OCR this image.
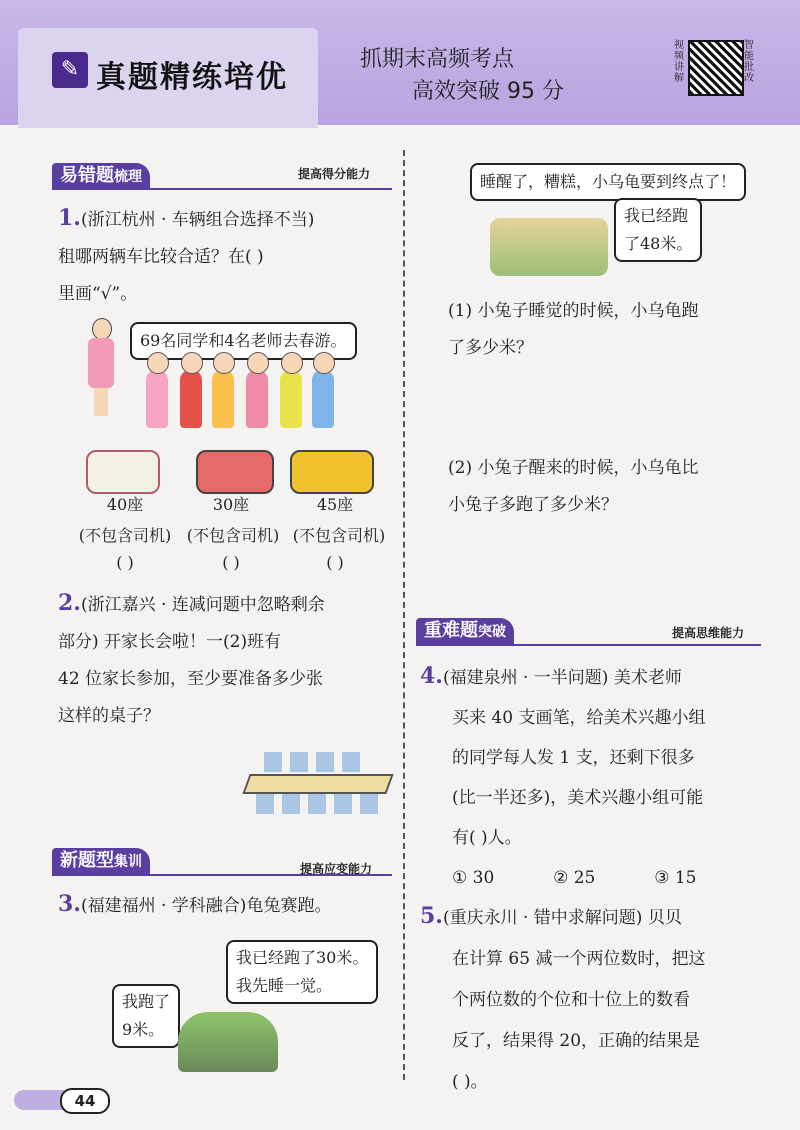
✎ 真题精练培优
抓期末高频考点
高效突破 95 分
视频讲解
智能批改
易错题梳理	提高得分能力
1.(浙江杭州 · 车辆组合选择不当)
租哪两辆车比较合适？在( )
里画“√”。
69名同学和4名老师去春游。
40座	30座	45座
(不包含司机) (不包含司机) (不包含司机)
( )	( )	( )
2.(浙江嘉兴 · 连减问题中忽略剩余
部分) 开家长会啦！一(2)班有
42 位家长参加，至少要准备多少张
这样的桌子？
新题型集训	提高应变能力
3.(福建福州 · 学科融合)龟兔赛跑。
我已经跑了30米。
我先睡一觉。
我跑了
9米。
睡醒了，糟糕，小乌龟要到终点了！
我已经跑
了48米。
(1) 小兔子睡觉的时候，小乌龟跑
了多少米？
(2) 小兔子醒来的时候，小乌龟比
小兔子多跑了多少米？
重难题突破	提高思维能力
4.(福建泉州 · 一半问题) 美术老师
买来 40 支画笔，给美术兴趣小组
的同学每人发 1 支，还剩下很多
(比一半还多)，美术兴趣小组可能
有( )人。
① 30	② 25	③ 15
5.(重庆永川 · 错中求解问题) 贝贝
在计算 65 减一个两位数时，把这
个两位数的个位和十位上的数看
反了，结果得 20，正确的结果是
( )。
44
